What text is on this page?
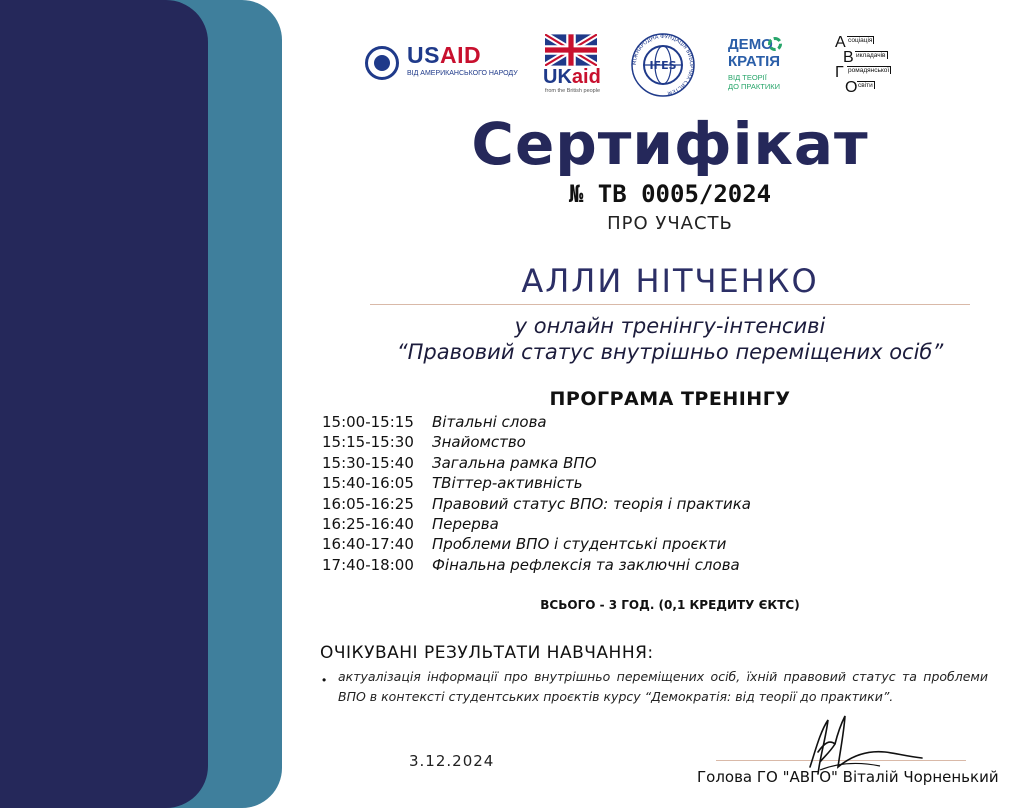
USAID
ВІД АМЕРИКАНСЬКОГО НАРОДУ UKaid
from the British people
МІЖНАРОДНА ФУНДАЦІЯ ВИБОРЧИХ СИСТЕМ
IFES
ДЕМО
КРАТІЯ
ВІД ТЕОРІЇ
ДО ПРАКТИКИ
А соціація
В икладачів
Г ромадянської
О світи
Сертифікат
№ ТВ 0005/2024
ПРО УЧАСТЬ
АЛЛИ НІТЧЕНКО
у онлайн тренінгу-інтенсиві
“Правовий статус внутрішньо переміщених осіб”
ПРОГРАМА ТРЕНІНГУ
15:00-15:15 Вітальні слова
15:15-15:30 Знайомство
15:30-15:40 Загальна рамка ВПО
15:40-16:05 ТВіттер-активність
16:05-16:25 Правовий статус ВПО: теорія і практика
16:25-16:40 Перерва
16:40-17:40 Проблеми ВПО і студентські проєкти
17:40-18:00 Фінальна рефлексія та заключні слова
ВСЬОГО - 3 ГОД. (0,1 КРЕДИТУ ЄКТС)
ОЧІКУВАНІ РЕЗУЛЬТАТИ НАВЧАННЯ:
• актуалізація інформації про внутрішньо переміщених осіб, їхній правовий статус та проблеми ВПО в контексті студентських проєктів курсу “Демократія: від теорії до практики”.
3.12.2024
Голова ГО "АВГО" Віталій Чорненький
